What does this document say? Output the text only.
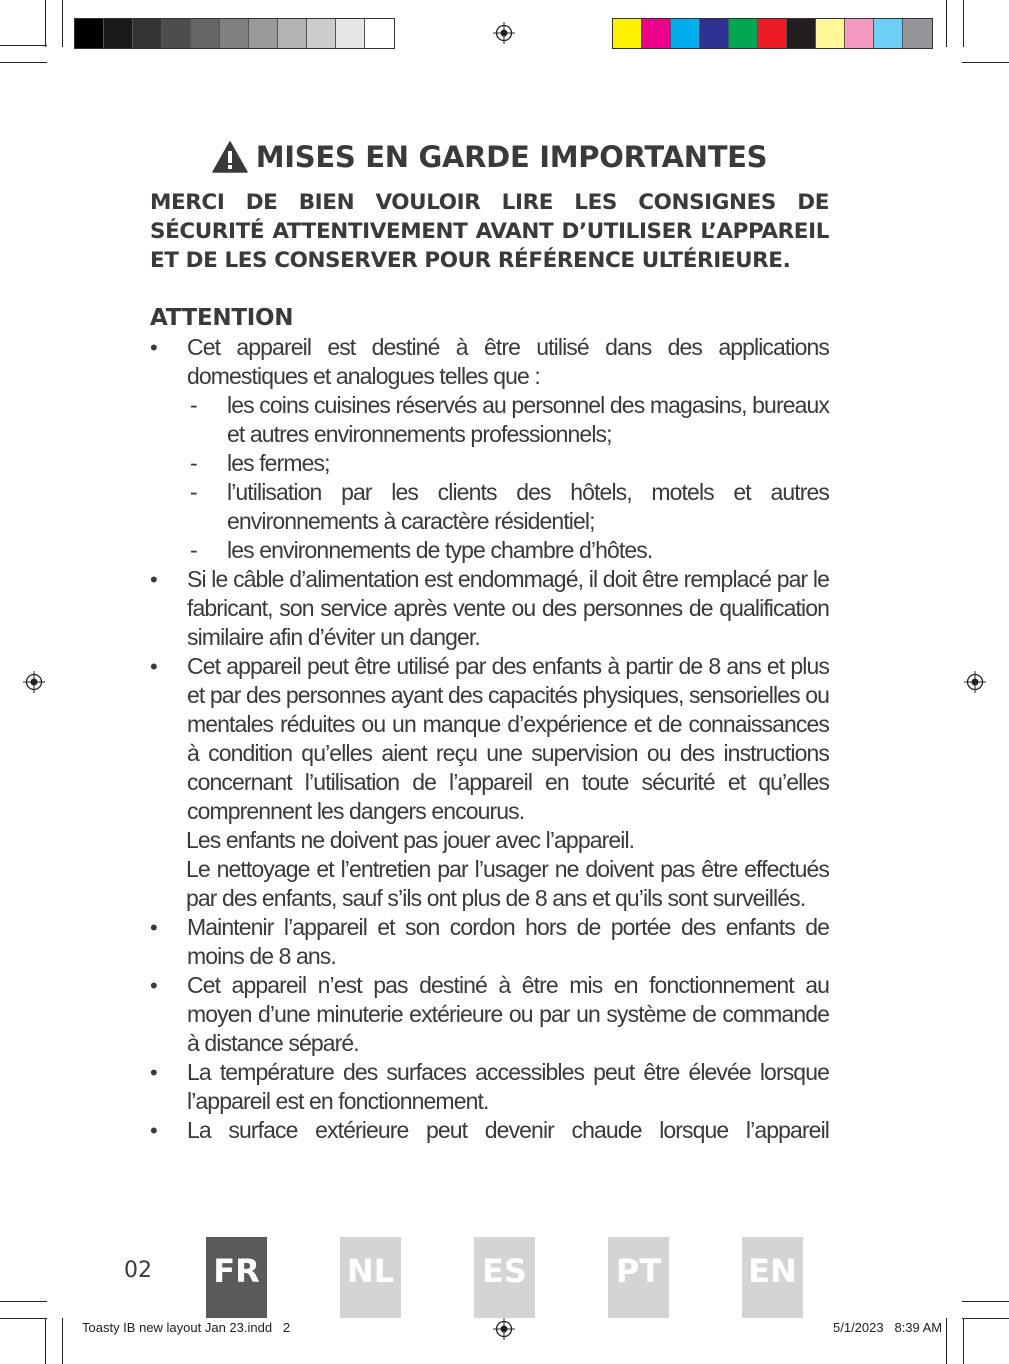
MISES EN GARDE IMPORTANTES

MERCI DE BIEN VOULOIR LIRE LES CONSIGNES DE SÉCURITÉ ATTENTIVEMENT AVANT D’UTILISER L’APPAREIL ET DE LES CONSERVER POUR RÉFÉRENCE ULTÉRIEURE.

ATTENTION

• Cet appareil est destiné à être utilisé dans des applications domestiques et analogues telles que :

- les coins cuisines réservés au personnel des magasins, bureaux et autres environnements professionnels;
- les fermes;
- l’utilisation par les clients des hôtels, motels et autres environnements à caractère résidentiel;
- les environnements de type chambre d’hôtes.

• Si le câble d’alimentation est endommagé, il doit être remplacé par le fabricant, son service après vente ou des personnes de qualification similaire afin d’éviter un danger.

• Cet appareil peut être utilisé par des enfants à partir de 8 ans et plus et par des personnes ayant des capacités physiques, sensorielles ou mentales réduites ou un manque d’expérience et de connaissances à condition qu’elles aient reçu une supervision ou des instructions concernant l’utilisation de l’appareil en toute sécurité et qu’elles comprennent les dangers encourus.

Les enfants ne doivent pas jouer avec l’appareil.

Le nettoyage et l’entretien par l’usager ne doivent pas être effectués par des enfants, sauf s’ils ont plus de 8 ans et qu’ils sont surveillés.

• Maintenir l’appareil et son cordon hors de portée des enfants de moins de 8 ans.

• Cet appareil n’est pas destiné à être mis en fonctionnement au moyen d’une minuterie extérieure ou par un système de commande à distance séparé.

• La température des surfaces accessibles peut être élevée lorsque l’appareil est en fonctionnement.

• La surface extérieure peut devenir chaude lorsque l’appareil

02 FR	NL	ES	PT	EN
Toasty IB new layout Jan 23.indd   2	5/1/2023   8:39 AM
